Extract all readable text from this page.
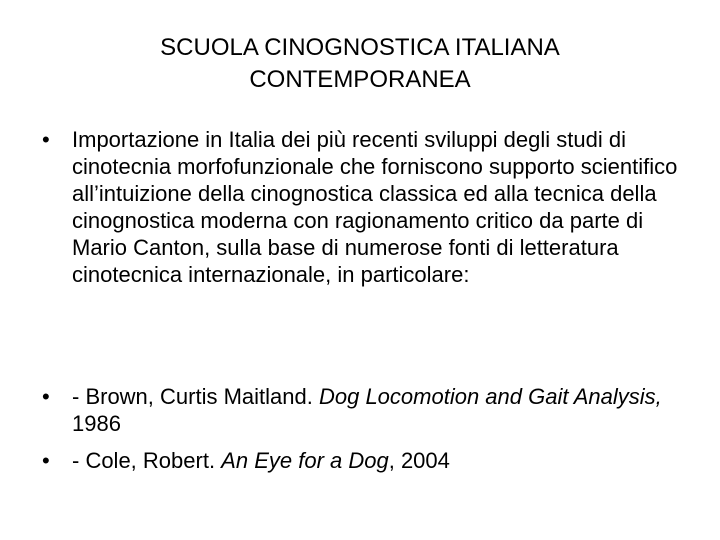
SCUOLA CINOGNOSTICA ITALIANA
CONTEMPORANEA
• Importazione in Italia dei più recenti sviluppi degli studi di cinotecnia morfofunzionale che forniscono supporto scientifico all’intuizione della cinognostica classica ed alla tecnica della cinognostica moderna con ragionamento critico da parte di Mario Canton, sulla base di numerose fonti di letteratura cinotecnica internazionale, in particolare:
• - Brown, Curtis Maitland. Dog Locomotion and Gait Analysis, 1986
• - Cole, Robert. An Eye for a Dog, 2004
